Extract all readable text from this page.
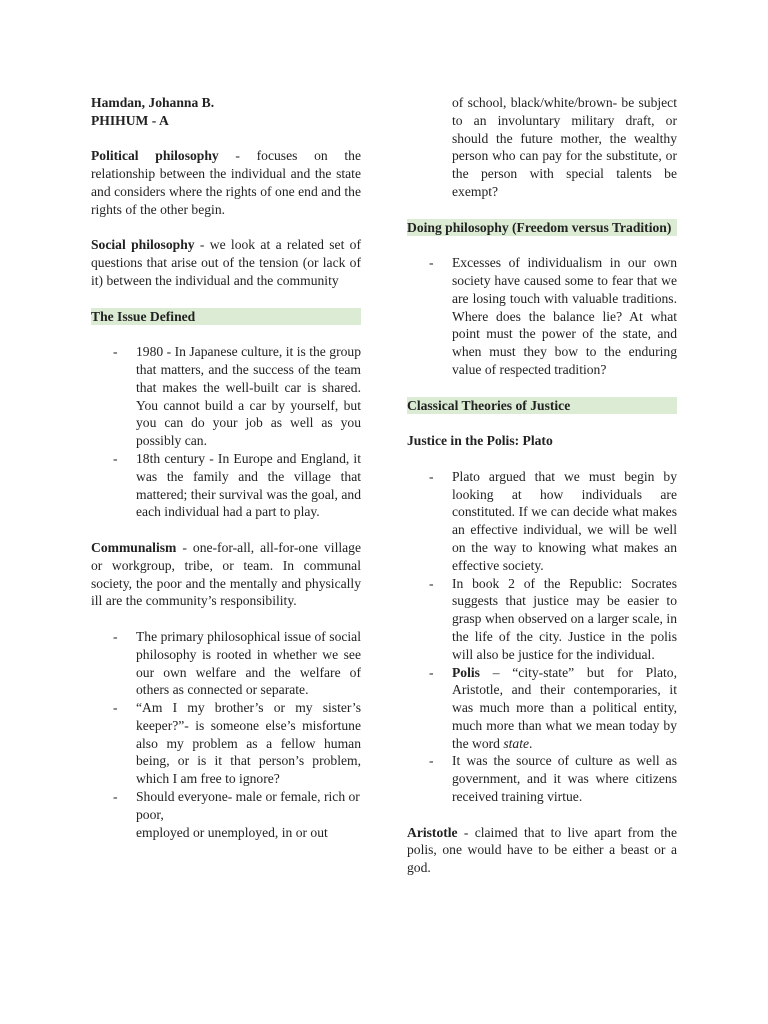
Hamdan, Johanna B.

PHIHUM - A

Political philosophy - focuses on the relationship between the individual and the state and considers where the rights of one end and the rights of the other begin.

Social philosophy - we look at a related set of questions that arise out of the tension (or lack of it) between the individual and the community

The Issue Defined

- 1980 - In Japanese culture, it is the group that matters, and the success of the team that makes the well-built car is shared. You cannot build a car by yourself, but you can do your job as well as you possibly can.
- 18th century - In Europe and England, it was the family and the village that mattered; their survival was the goal, and each individual had a part to play.

Communalism - one-for-all, all-for-one village or workgroup, tribe, or team. In communal society, the poor and the mentally and physically ill are the community’s responsibility.

- The primary philosophical issue of social philosophy is rooted in whether we see our own welfare and the welfare of others as connected or separate.
- “Am I my brother’s or my sister’s keeper?”- is someone else’s misfortune also my problem as a fellow human being, or is it that person’s problem, which I am free to ignore?
- Should everyone- male or female, rich or poor,

employed or unemployed, in or out

of school, black/white/brown- be subject to an involuntary military draft, or should the future mother, the wealthy person who can pay for the substitute, or the person with special talents be exempt?

Doing philosophy (Freedom versus Tradition)

- Excesses of individualism in our own society have caused some to fear that we are losing touch with valuable traditions. Where does the balance lie? At what point must the power of the state, and when must they bow to the enduring value of respected tradition?

Classical Theories of Justice

Justice in the Polis: Plato

- Plato argued that we must begin by looking at how individuals are constituted. If we can decide what makes an effective individual, we will be well on the way to knowing what makes an effective society.
- In book 2 of the Republic: Socrates suggests that justice may be easier to grasp when observed on a larger scale, in the life of the city. Justice in the polis will also be justice for the individual.
- Polis – “city-state” but for Plato, Aristotle, and their contemporaries, it was much more than a political entity, much more than what we mean today by the word state.
- It was the source of culture as well as government, and it was where citizens received training virtue.

Aristotle - claimed that to live apart from the polis, one would have to be either a beast or a god.
